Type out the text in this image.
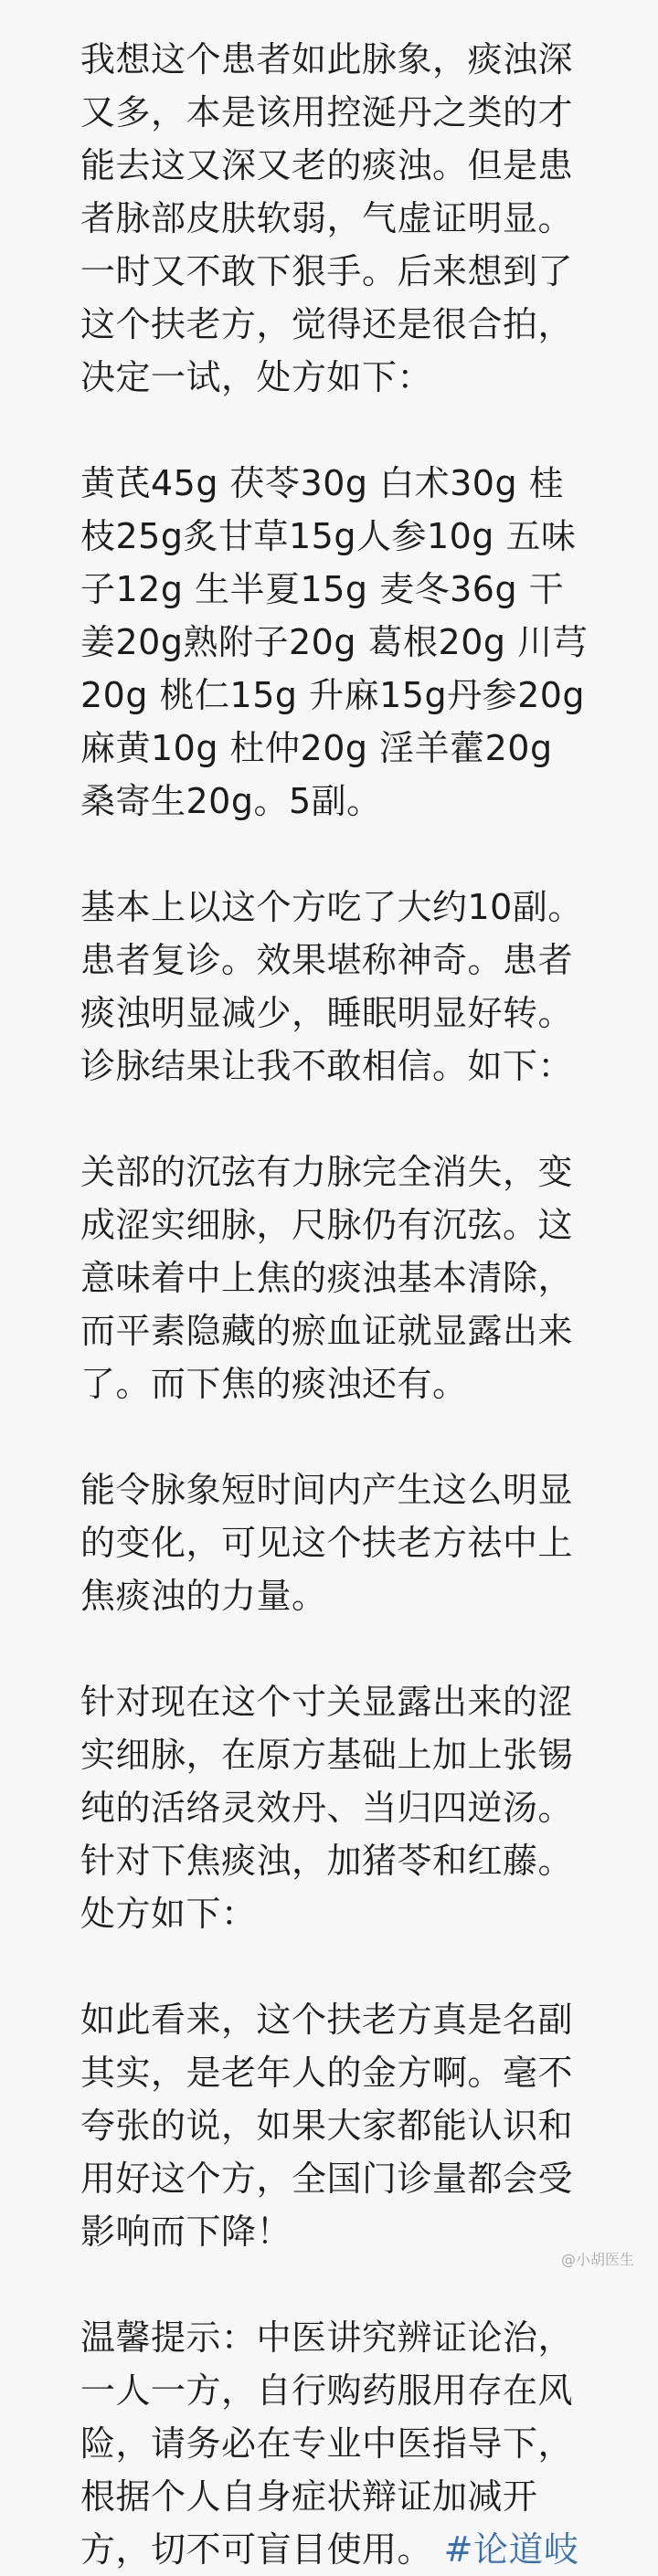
我想这个患者如此脉象，痰浊深
又多，本是该用控涎丹之类的才
能去这又深又老的痰浊。但是患
者脉部皮肤软弱，气虚证明显。
一时又不敢下狠手。后来想到了
这个扶老方，觉得还是很合拍，
决定一试，处方如下：

黄芪45g 茯苓30g 白术30g 桂
枝25g炙甘草15g人参10g 五味
子12g 生半夏15g 麦冬36g 干
姜20g熟附子20g 葛根20g 川芎
20g 桃仁15g 升麻15g丹参20g
麻黄10g 杜仲20g 淫羊藿20g
桑寄生20g。5副。

基本上以这个方吃了大约10副。
患者复诊。效果堪称神奇。患者
痰浊明显减少，睡眠明显好转。
诊脉结果让我不敢相信。如下：

关部的沉弦有力脉完全消失，变
成涩实细脉，尺脉仍有沉弦。这
意味着中上焦的痰浊基本清除，
而平素隐藏的瘀血证就显露出来
了。而下焦的痰浊还有。

能令脉象短时间内产生这么明显
的变化，可见这个扶老方祛中上
焦痰浊的力量。

针对现在这个寸关显露出来的涩
实细脉，在原方基础上加上张锡
纯的活络灵效丹、当归四逆汤。
针对下焦痰浊，加猪苓和红藤。
处方如下：

如此看来，这个扶老方真是名副
其实，是老年人的金方啊。毫不
夸张的说，如果大家都能认识和
用好这个方，全国门诊量都会受
影响而下降！

温馨提示：中医讲究辨证论治，
一人一方，自行购药服用存在风
险，请务必在专业中医指导下，
根据个人自身症状辩证加减开
方，切不可盲目使用。 #论道岐

@小胡医生
